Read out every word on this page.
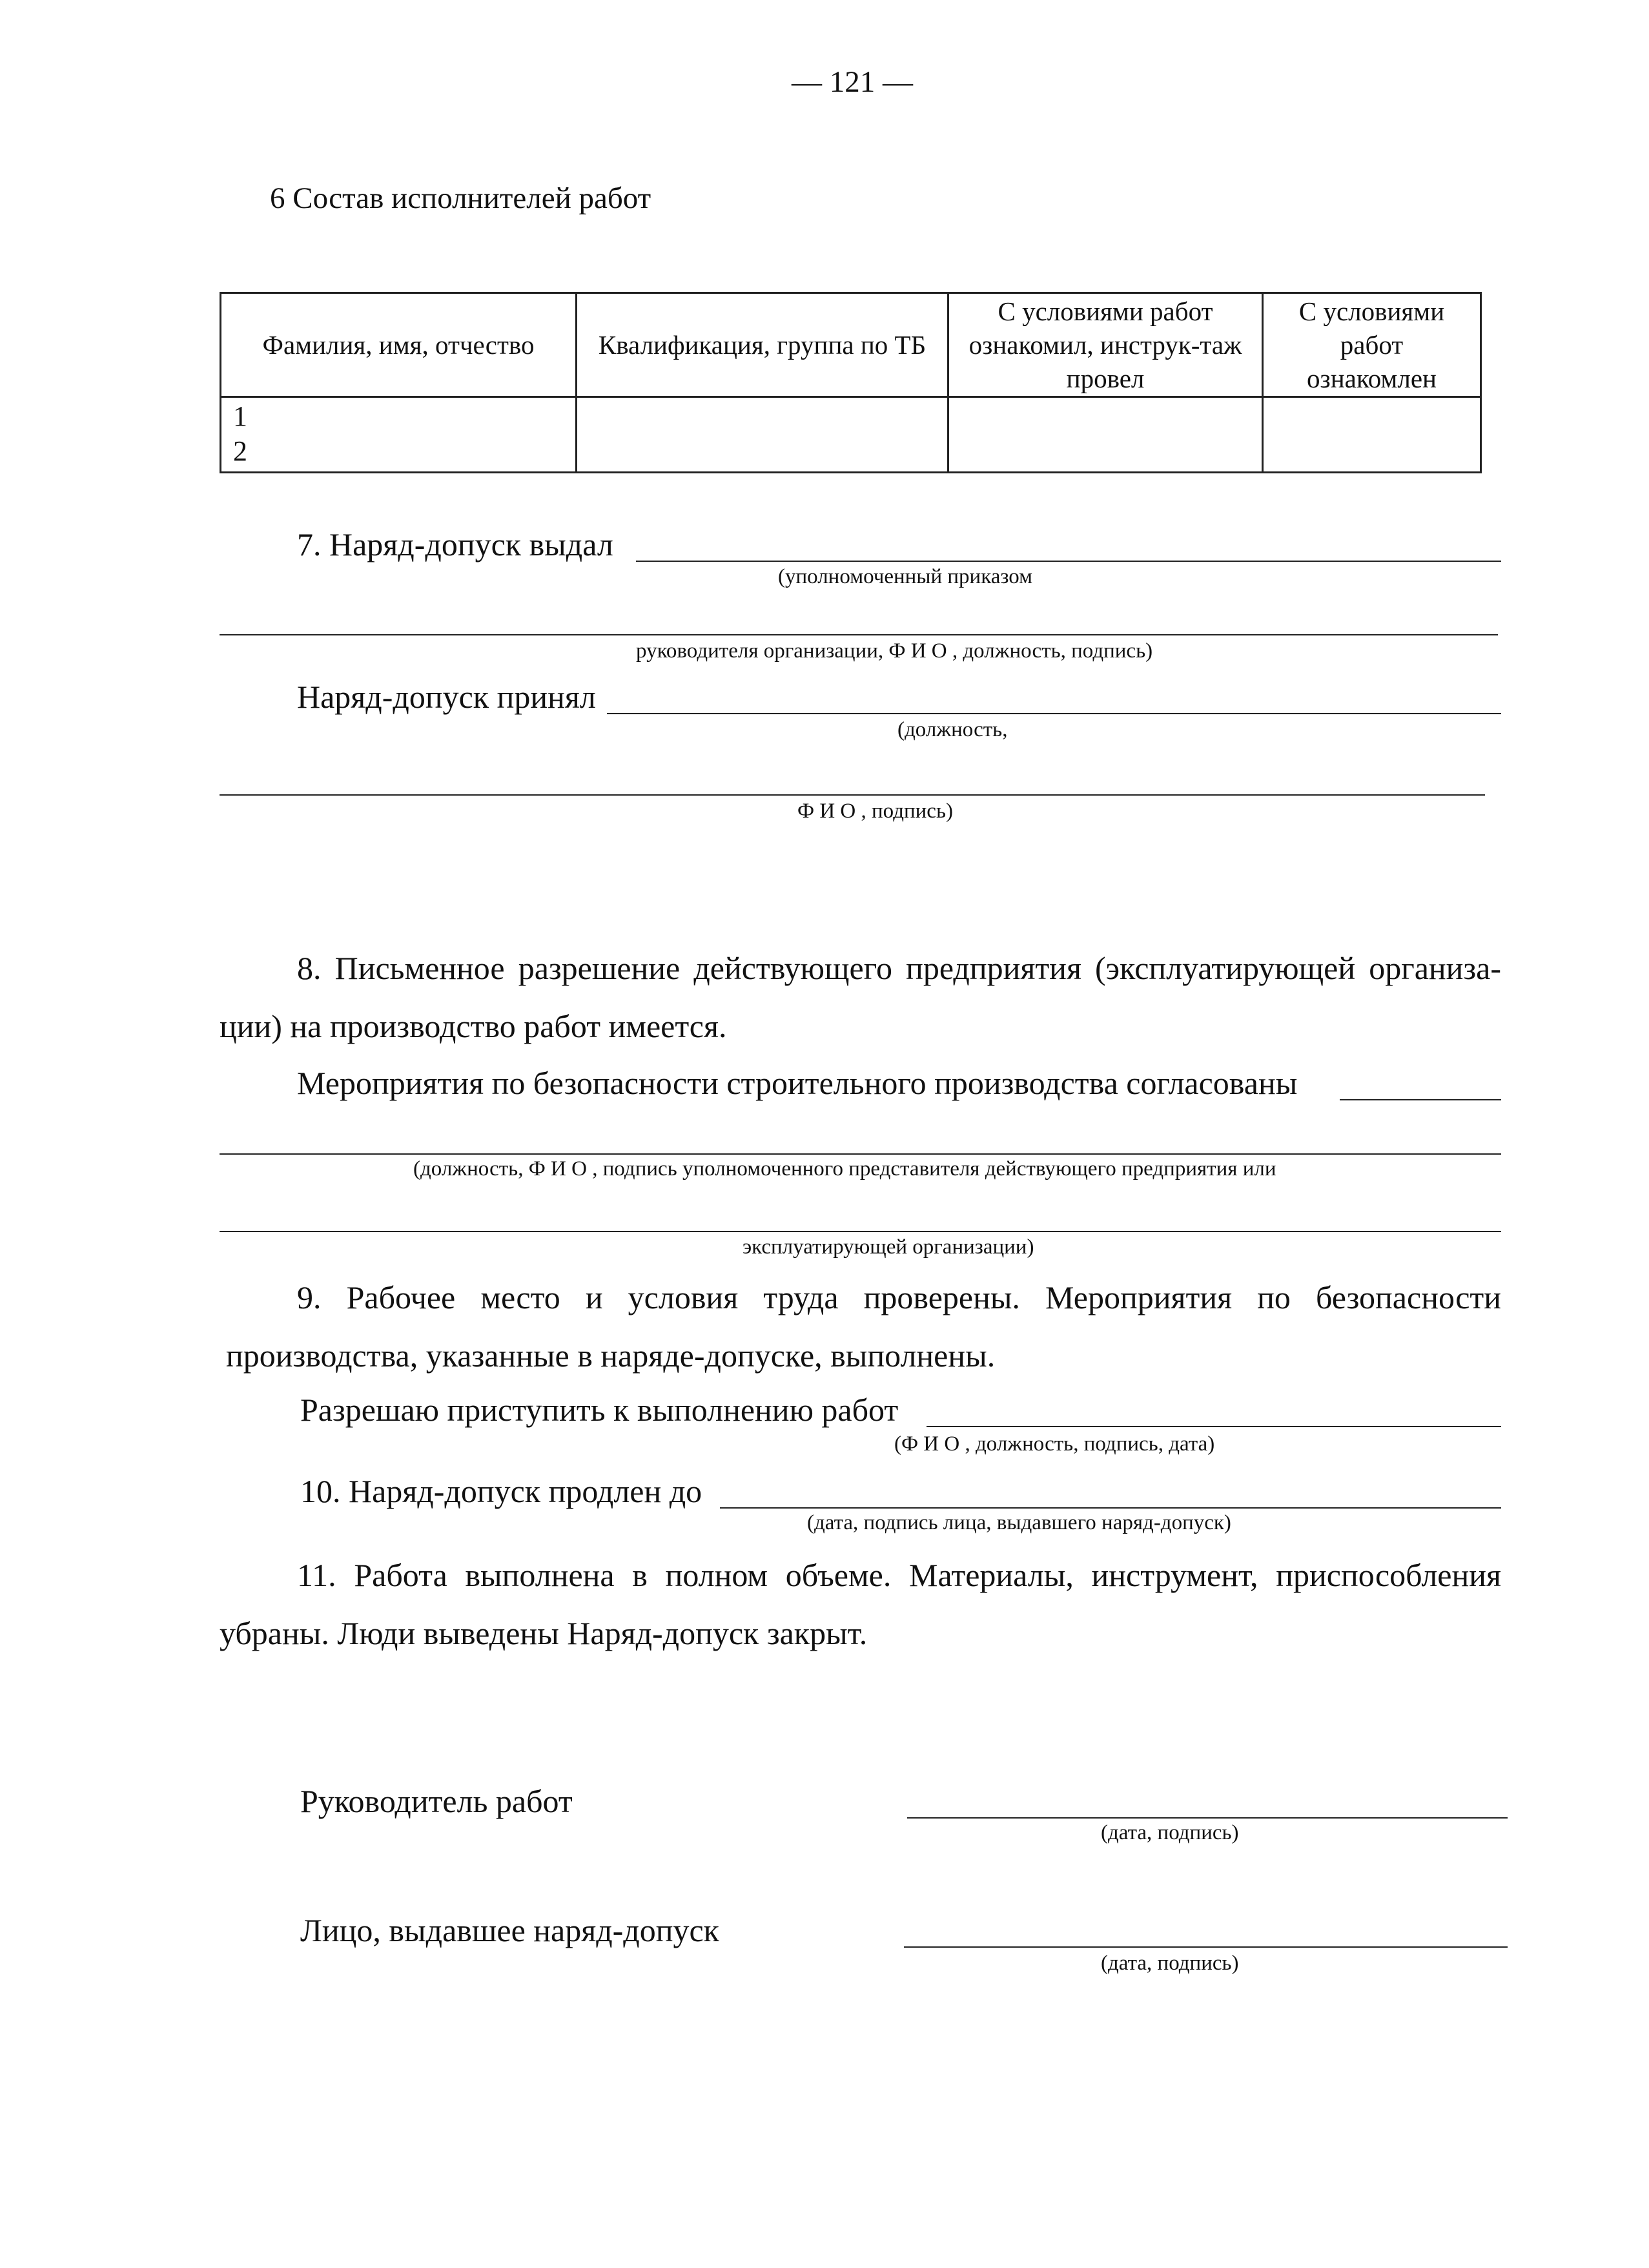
— 121 —
6 Состав исполнителей работ
Фамилия, имя, отчество	Квалификация, группа по ТБ	С условиями работ ознакомил, инструк-таж провел	С условиями работ ознакомлен

1
2			

7. Наряд-допуск выдал
(уполномоченный приказом
руководителя организации, Ф И О , должность, подпись)
Наряд-допуск принял
(должность,
Ф И О , подпись)
8. Письменное разрешение действующего предприятия (эксплуатирующей организа-
ции) на производство работ имеется.
Мероприятия по безопасности строительного производства согласованы
(должность, Ф И О , подпись уполномоченного представителя действующего предприятия или
эксплуатирующей организации)
9. Рабочее место и условия труда проверены. Мероприятия по безопасности
производства, указанные в наряде-допуске, выполнены.
Разрешаю приступить к выполнению работ
(Ф И О , должность, подпись, дата)
10. Наряд-допуск продлен до
(дата, подпись лица, выдавшего наряд-допуск)
11. Работа выполнена в полном объеме. Материалы, инструмент, приспособления
убраны. Люди выведены Наряд-допуск закрыт.
Руководитель работ
(дата, подпись)
Лицо, выдавшее наряд-допуск
(дата, подпись)
